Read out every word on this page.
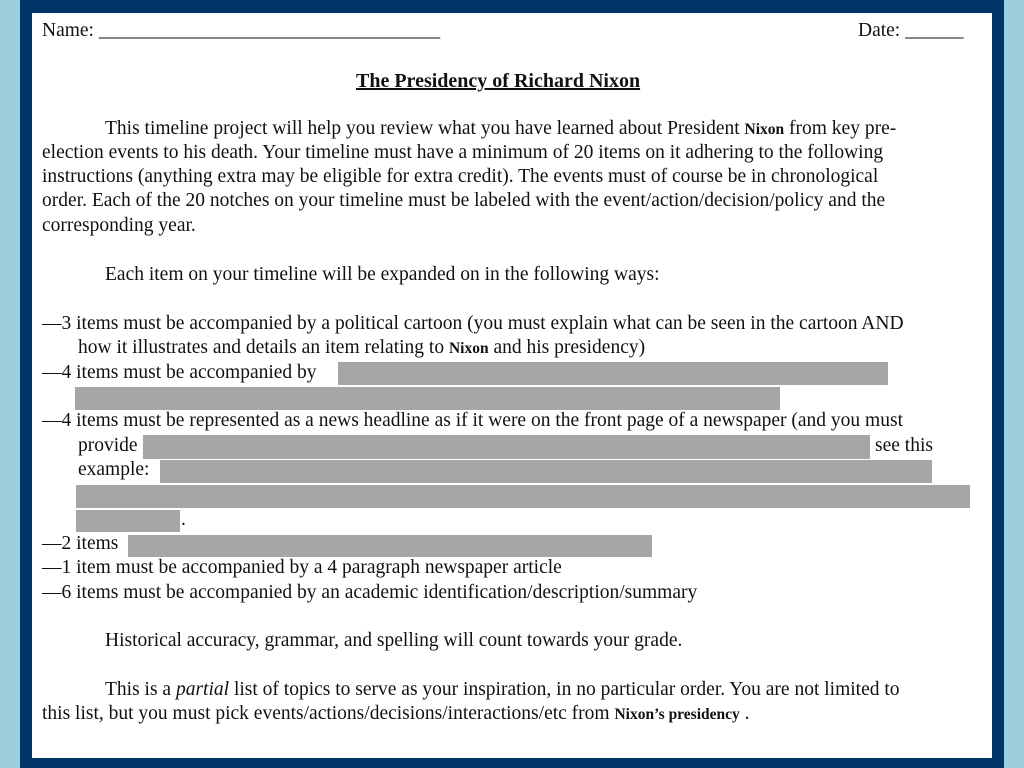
Name: ___________________________________	Date: ______
The Presidency of Richard Nixon
This timeline project will help you review what you have learned about President Nixon from key pre-
election events to his death. Your timeline must have a minimum of 20 items on it adhering to the following
instructions (anything extra may be eligible for extra credit). The events must of course be in chronological
order. Each of the 20 notches on your timeline must be labeled with the event/action/decision/policy and the
corresponding year.
Each item on your timeline will be expanded on in the following ways:
—3 items must be accompanied by a political cartoon (you must explain what can be seen in the cartoon AND
how it illustrates and details an item relating to Nixon and his presidency)
—4 items must be accompanied by
—4 items must be represented as a news headline as if it were on the front page of a newspaper (and you must
provide	see this
example:
.
—2 items
—1 item must be accompanied by a 4 paragraph newspaper article
—6 items must be accompanied by an academic identification/description/summary
Historical accuracy, grammar, and spelling will count towards your grade.
This is a partial list of topics to serve as your inspiration, in no particular order. You are not limited to
this list, but you must pick events/actions/decisions/interactions/etc from Nixon’s presidency .
